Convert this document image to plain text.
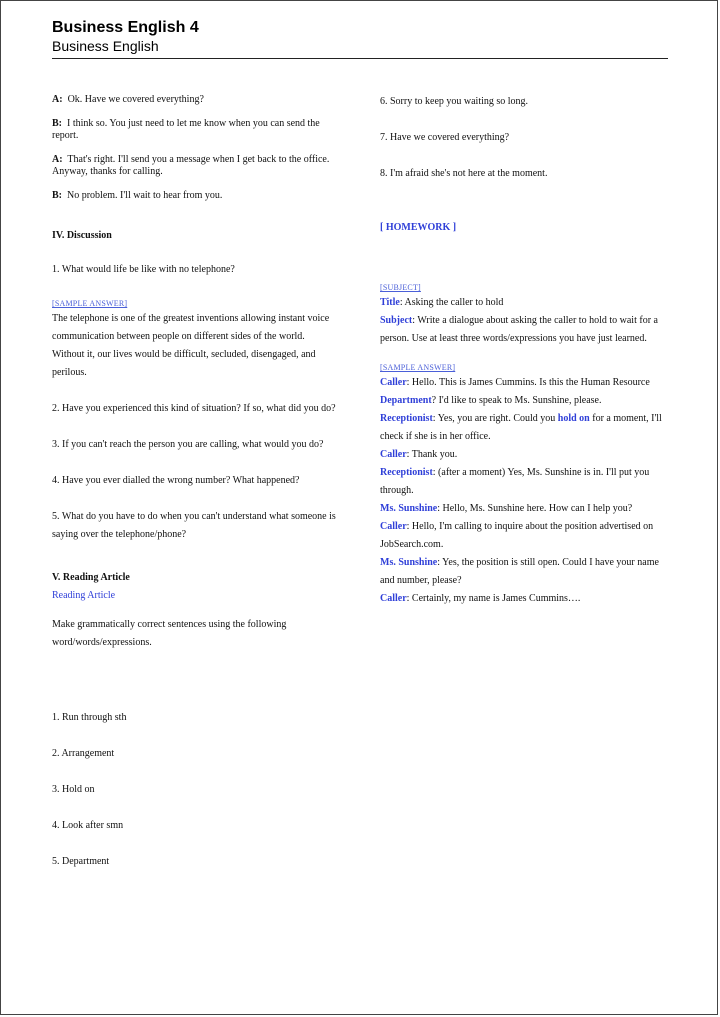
Business English 4
Business English

A: Ok. Have we covered everything?

B: I think so. You just need to let me know when you can send the report.

A: That's right. I'll send you a message when I get back to the office. Anyway, thanks for calling.

B: No problem. I'll wait to hear from you.

IV. Discussion

1. What would life be like with no telephone?

[SAMPLE ANSWER]

The telephone is one of the greatest inventions allowing instant voice communication between people on different sides of the world. Without it, our lives would be difficult, secluded, disengaged, and perilous.

2. Have you experienced this kind of situation? If so, what did you do?

3. If you can't reach the person you are calling, what would you do?

4. Have you ever dialled the wrong number? What happened?

5. What do you have to do when you can't understand what someone is saying over the telephone/phone?

V. Reading Article

Reading Article

Make grammatically correct sentences using the following word/words/expressions.

1. Run through sth

2. Arrangement

3. Hold on

4. Look after smn

5. Department

6. Sorry to keep you waiting so long.

7. Have we covered everything?

8. I'm afraid she's not here at the moment.

[ HOMEWORK ]

[SUBJECT]

Title: Asking the caller to hold

Subject: Write a dialogue about asking the caller to hold to wait for a person. Use at least three words/expressions you have just learned.

[SAMPLE ANSWER]

Caller: Hello. This is James Cummins. Is this the Human Resource Department? I'd like to speak to Ms. Sunshine, please.

Receptionist: Yes, you are right. Could you hold on for a moment, I'll check if she is in her office.

Caller: Thank you.

Receptionist: (after a moment) Yes, Ms. Sunshine is in. I'll put you through.

Ms. Sunshine: Hello, Ms. Sunshine here. How can I help you?

Caller: Hello, I'm calling to inquire about the position advertised on JobSearch.com.

Ms. Sunshine: Yes, the position is still open. Could I have your name and number, please?

Caller: Certainly, my name is James Cummins….
